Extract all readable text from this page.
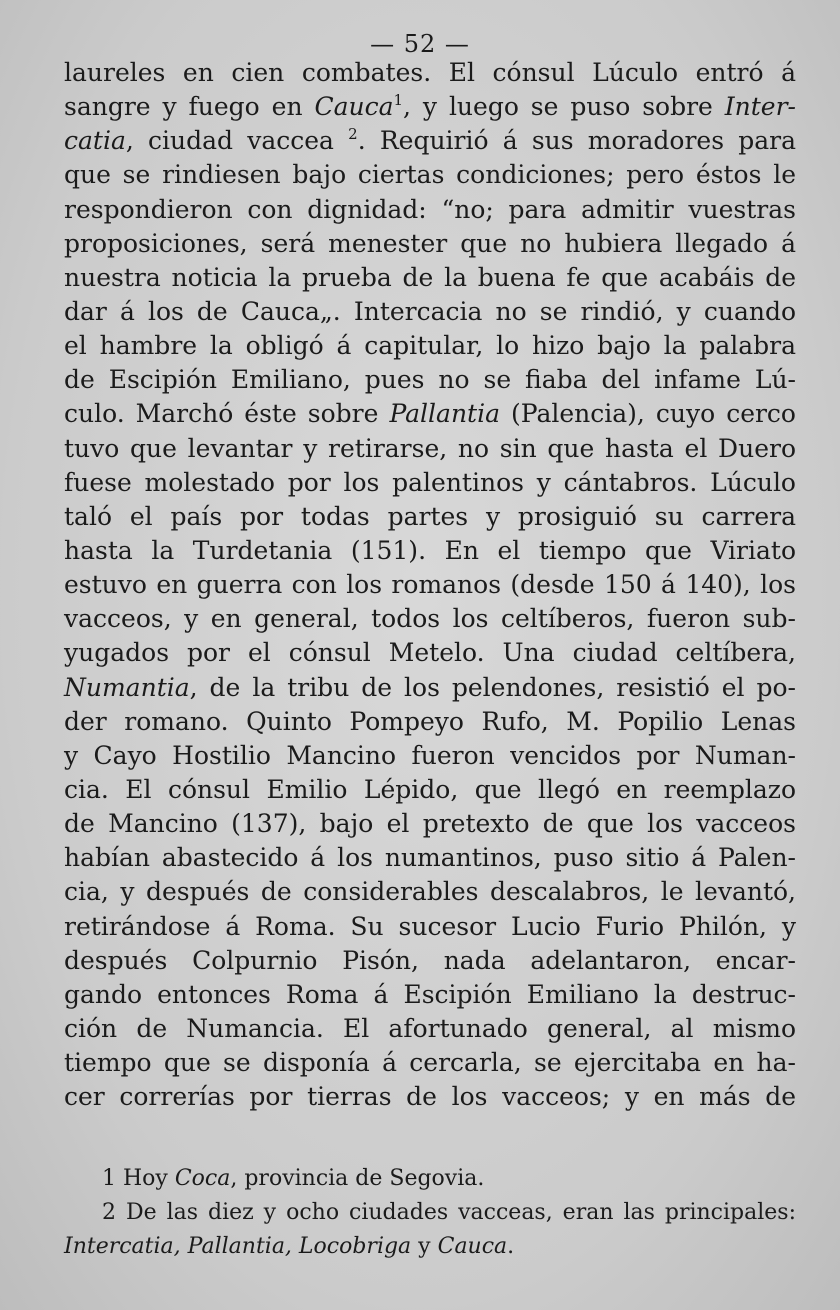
— 52 —
laureles en cien combates. El cónsul Lúculo entró á
sangre y fuego en Cauca$^1$, y luego se puso sobre Inter-
catia, ciudad vaccea $^2$. Requirió á sus moradores para
que se rindiesen bajo ciertas condiciones; pero éstos le
respondieron con dignidad: “no; para admitir vuestras
proposiciones, será menester que no hubiera llegado á
nuestra noticia la prueba de la buena fe que acabáis de
dar á los de Cauca„. Intercacia no se rindió, y cuando
el hambre la obligó á capitular, lo hizo bajo la palabra
de Escipión Emiliano, pues no se fiaba del infame Lú-
culo. Marchó éste sobre Pallantia (Palencia), cuyo cerco
tuvo que levantar y retirarse, no sin que hasta el Duero
fuese molestado por los palentinos y cántabros. Lúculo
taló el país por todas partes y prosiguió su carrera
hasta la Turdetania (151). En el tiempo que Viriato
estuvo en guerra con los romanos (desde 150 á 140), los
vacceos, y en general, todos los celtíberos, fueron sub-
yugados por el cónsul Metelo. Una ciudad celtíbera,
Numantia, de la tribu de los pelendones, resistió el po-
der romano. Quinto Pompeyo Rufo, M. Popilio Lenas
y Cayo Hostilio Mancino fueron vencidos por Numan-
cia. El cónsul Emilio Lépido, que llegó en reemplazo
de Mancino (137), bajo el pretexto de que los vacceos
habían abastecido á los numantinos, puso sitio á Palen-
cia, y después de considerables descalabros, le levantó,
retirándose á Roma. Su sucesor Lucio Furio Philón, y
después Colpurnio Pisón, nada adelantaron, encar-
gando entonces Roma á Escipión Emiliano la destruc-
ción de Numancia. El afortunado general, al mismo
tiempo que se disponía á cercarla, se ejercitaba en ha-
cer correrías por tierras de los vacceos; y en más de
1 Hoy Coca, provincia de Segovia.
2 De las diez y ocho ciudades vacceas, eran las principales:
Intercatia, Pallantia, Locobriga y Cauca.
